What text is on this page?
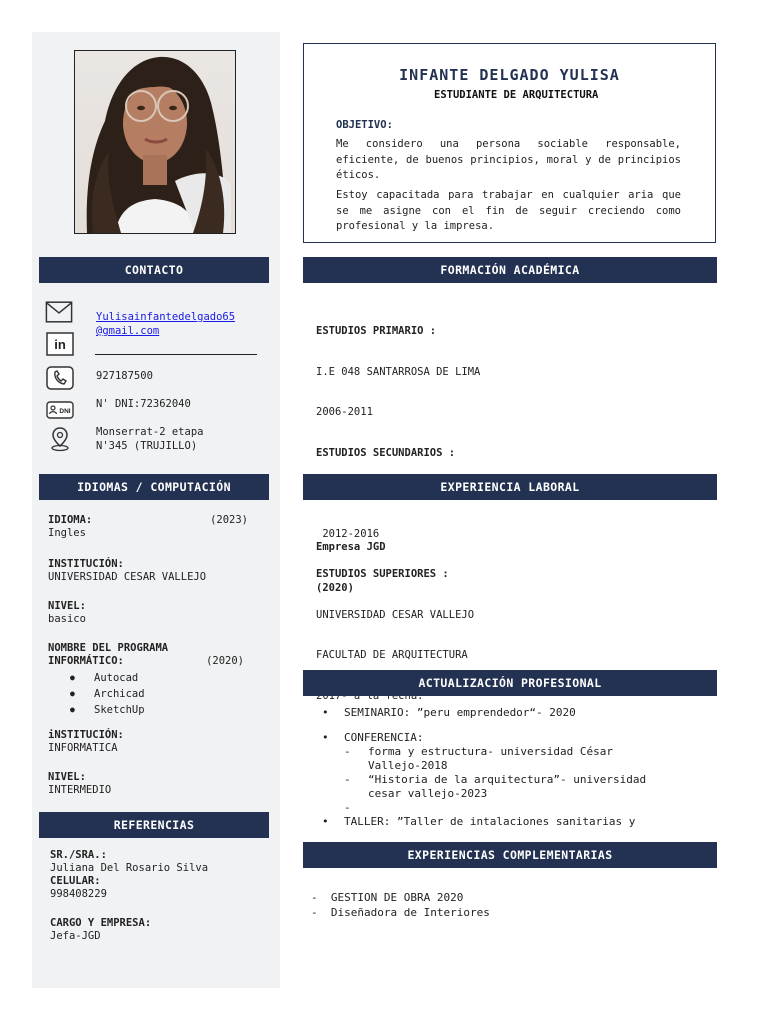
INFANTE DELGADO YULISA
ESTUDIANTE DE ARQUITECTURA
OBJETIVO:
Me considero una persona sociable responsable, eficiente, de buenos principios, moral y de principios éticos.
Estoy capacitada para trabajar en cualquier aria que se me asigne con el fin de seguir creciendo como profesional y la impresa.
CONTACTO
Yulisainfantedelgado65
@gmail.com
in
927187500
DNI
N' DNI:72362040
Monserrat-2 etapa
N'345 (TRUJILLO)
IDIOMAS / COMPUTACIÓN
IDIOMA:	(2023)
Ingles
INSTITUCIÓN:
UNIVERSIDAD CESAR VALLEJO
NIVEL:
basico
NOMBRE DEL PROGRAMA
INFORMÁTICO:	(2020)
● Autocad
● Archicad
● SketchUp
iNSTITUCIÓN:
INFORMATICA
NIVEL:
INTERMEDIO
REFERENCIAS
SR./SRA.:
Juliana Del Rosario Silva
CELULAR:
998408229
CARGO Y EMPRESA:
Jefa-JGD
FORMACIÓN ACADÉMICA

ESTUDIOS PRIMARIO :

I.E 048 SANTARROSA DE LIMA

2006-2011

ESTUDIOS SECUNDARIOS :

2012-2016

ESTUDIOS SUPERIORES :

UNIVERSIDAD CESAR VALLEJO

FACULTAD DE ARQUITECTURA

EXPERIENCIA LABORAL

Empresa JGD

(2020)

ACTUALIZACIÓN PROFESIONAL
• SEMINARIO: ”peru emprendedor“- 2020
• CONFERENCIA:
- forma y estructura- universidad César
Vallejo-2018
- “Historia de la arquitectura”- universidad
cesar vallejo-2023
-
• TALLER: ”Taller de intalaciones sanitarias y
EXPERIENCIAS COMPLEMENTARIAS
-  GESTION DE OBRA 2020
-  Diseñadora de Interiores
